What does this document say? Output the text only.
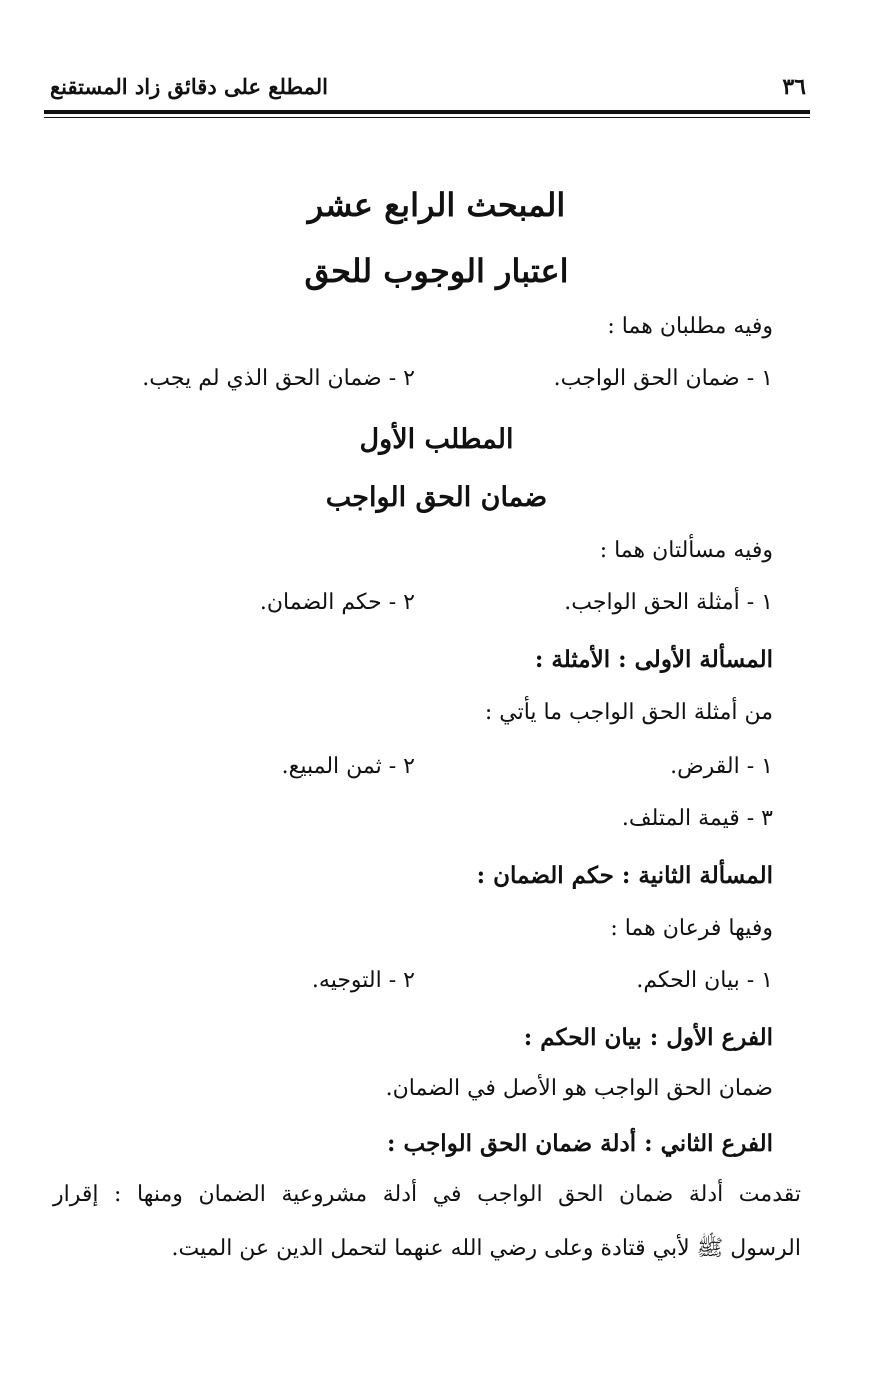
٣٦
المطلع على دقائق زاد المستقنع
المبحث الرابع عشر
اعتبار الوجوب للحق
وفيه مطلبان هما :
١ - ضمان الحق الواجب.
٢ - ضمان الحق الذي لم يجب.
المطلب الأول
ضمان الحق الواجب
وفيه مسألتان هما :
١ - أمثلة الحق الواجب.
٢ - حكم الضمان.
المسألة الأولى : الأمثلة :
من أمثلة الحق الواجب ما يأتي :
١ - القرض.
٢ - ثمن المبيع.
٣ - قيمة المتلف.
المسألة الثانية : حكم الضمان :
وفيها فرعان هما :
١ - بيان الحكم.
٢ - التوجيه.
الفرع الأول : بيان الحكم :
ضمان الحق الواجب هو الأصل في الضمان.
الفرع الثاني : أدلة ضمان الحق الواجب :
تقدمت أدلة ضمان الحق الواجب في أدلة مشروعية الضمان ومنها : إقرار
الرسول ﷺ لأبي قتادة وعلى رضي الله عنهما لتحمل الدين عن الميت.
